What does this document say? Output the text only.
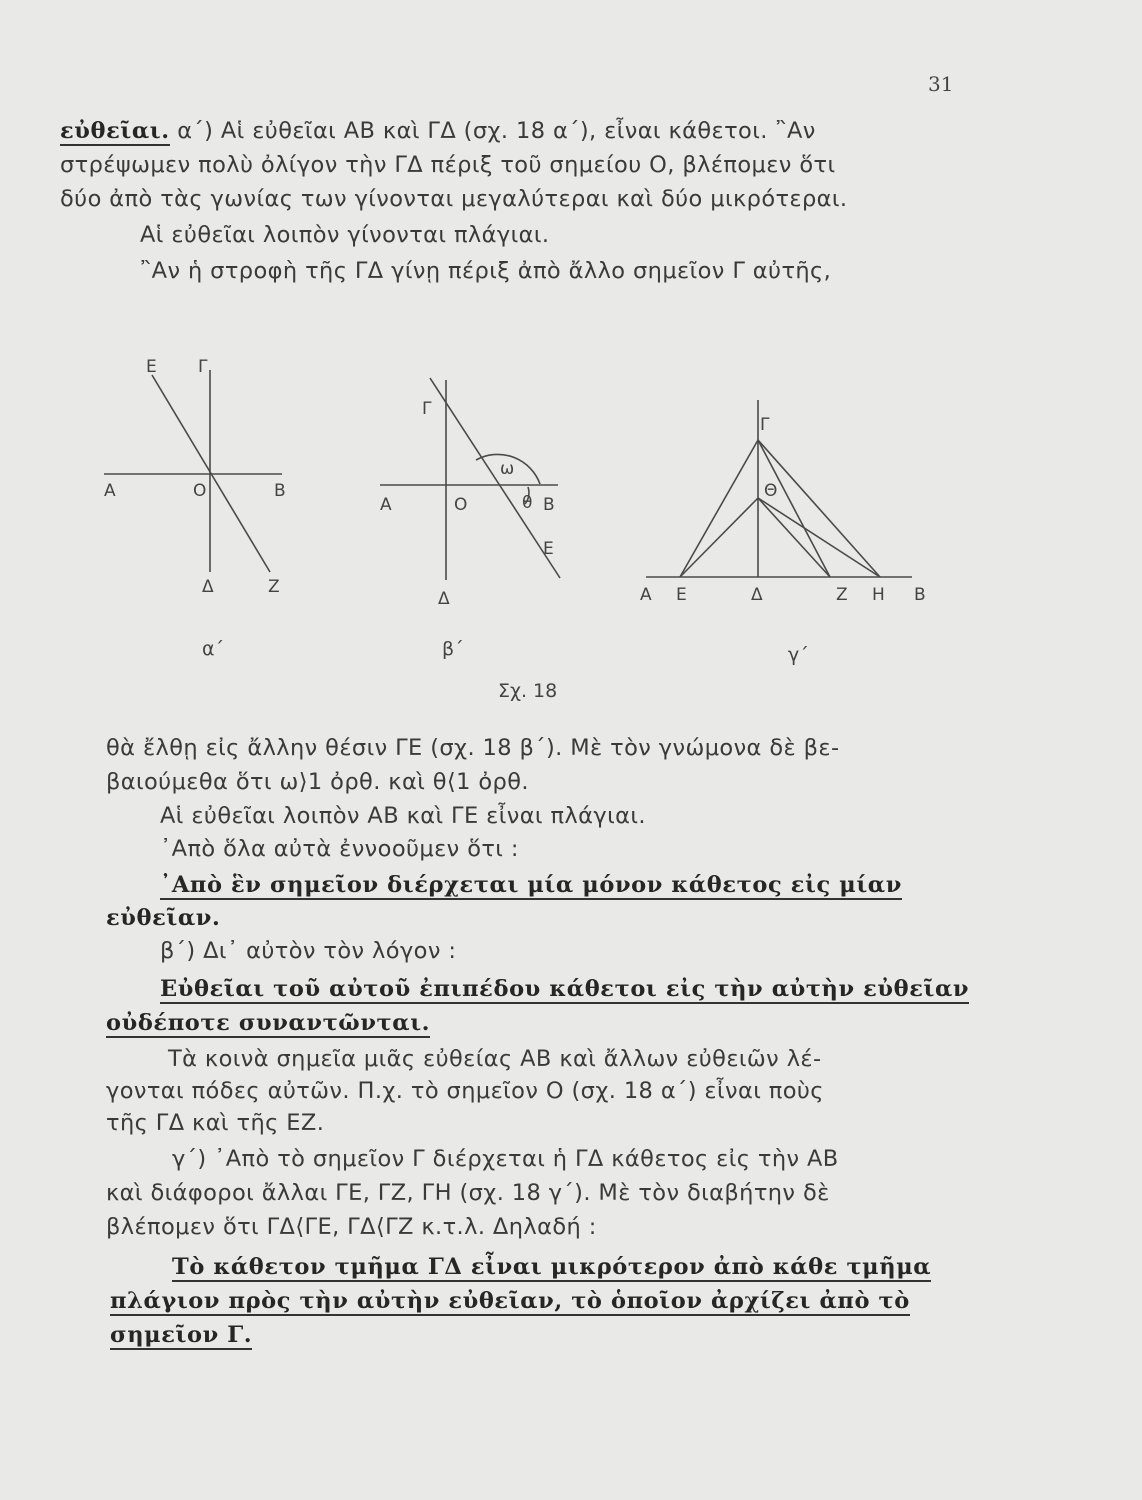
31
εὐθεῖαι. α΄) Αἱ εὐθεῖαι ΑΒ καὶ ΓΔ (σχ. 18 α΄), εἶναι κάθετοι. ῍Αν
στρέψωμεν πολὺ ὀλίγον τὴν ΓΔ πέριξ τοῦ σημείου Ο, βλέπομεν ὅτι
δύο ἀπὸ τὰς γωνίας των γίνονται μεγαλύτεραι καὶ δύο μικρότεραι.
Αἱ εὐθεῖαι λοιπὸν γίνονται πλάγιαι.
῍Αν ἡ στροφὴ τῆς ΓΔ γίνῃ πέριξ ἀπὸ ἄλλο σημεῖον Γ αὐτῆς,
Ε Γ
Α	Ο	Β
Δ	Ζ
Γ
Α	Ο	Β
Δ
Ε
ω
θ
Γ
Θ
Α Ε	Δ	Ζ Η Β
α΄	β΄	γ΄
Σχ. 18
θὰ ἔλθῃ εἰς ἄλλην θέσιν ΓΕ (σχ. 18 β΄). Μὲ τὸν γνώμονα δὲ βε-
βαιούμεθα ὅτι ω⟩1 ὀρθ. καὶ θ⟨1 ὀρθ.
Αἱ εὐθεῖαι λοιπὸν ΑΒ καὶ ΓΕ εἶναι πλάγιαι.
᾽Απὸ ὅλα αὐτὰ ἐννοοῦμεν ὅτι :
᾽Απὸ ἓν σημεῖον διέρχεται μία μόνον κάθετος εἰς μίαν
εὐθεῖαν.
β΄) Δι᾽ αὐτὸν τὸν λόγον :
Εὐθεῖαι τοῦ αὐτοῦ ἐπιπέδου κάθετοι εἰς τὴν αὐτὴν εὐθεῖαν
οὐδέποτε συναντῶνται.
Τὰ κοινὰ σημεῖα μιᾶς εὐθείας ΑΒ καὶ ἄλλων εὐθειῶν λέ-
γονται πόδες αὐτῶν. Π.χ. τὸ σημεῖον Ο (σχ. 18 α΄) εἶναι ποὺς
τῆς ΓΔ καὶ τῆς ΕΖ.
γ΄) ᾽Απὸ τὸ σημεῖον Γ διέρχεται ἡ ΓΔ κάθετος εἰς τὴν ΑΒ
καὶ διάφοροι ἄλλαι ΓΕ, ΓΖ, ΓΗ (σχ. 18 γ΄). Μὲ τὸν διαβήτην δὲ
βλέπομεν ὅτι ΓΔ⟨ΓΕ, ΓΔ⟨ΓΖ κ.τ.λ. Δηλαδή :
Τὸ κάθετον τμῆμα ΓΔ εἶναι μικρότερον ἀπὸ κάθε τμῆμα
πλάγιον πρὸς τὴν αὐτὴν εὐθεῖαν, τὸ ὁποῖον ἀρχίζει ἀπὸ τὸ
σημεῖον Γ.
